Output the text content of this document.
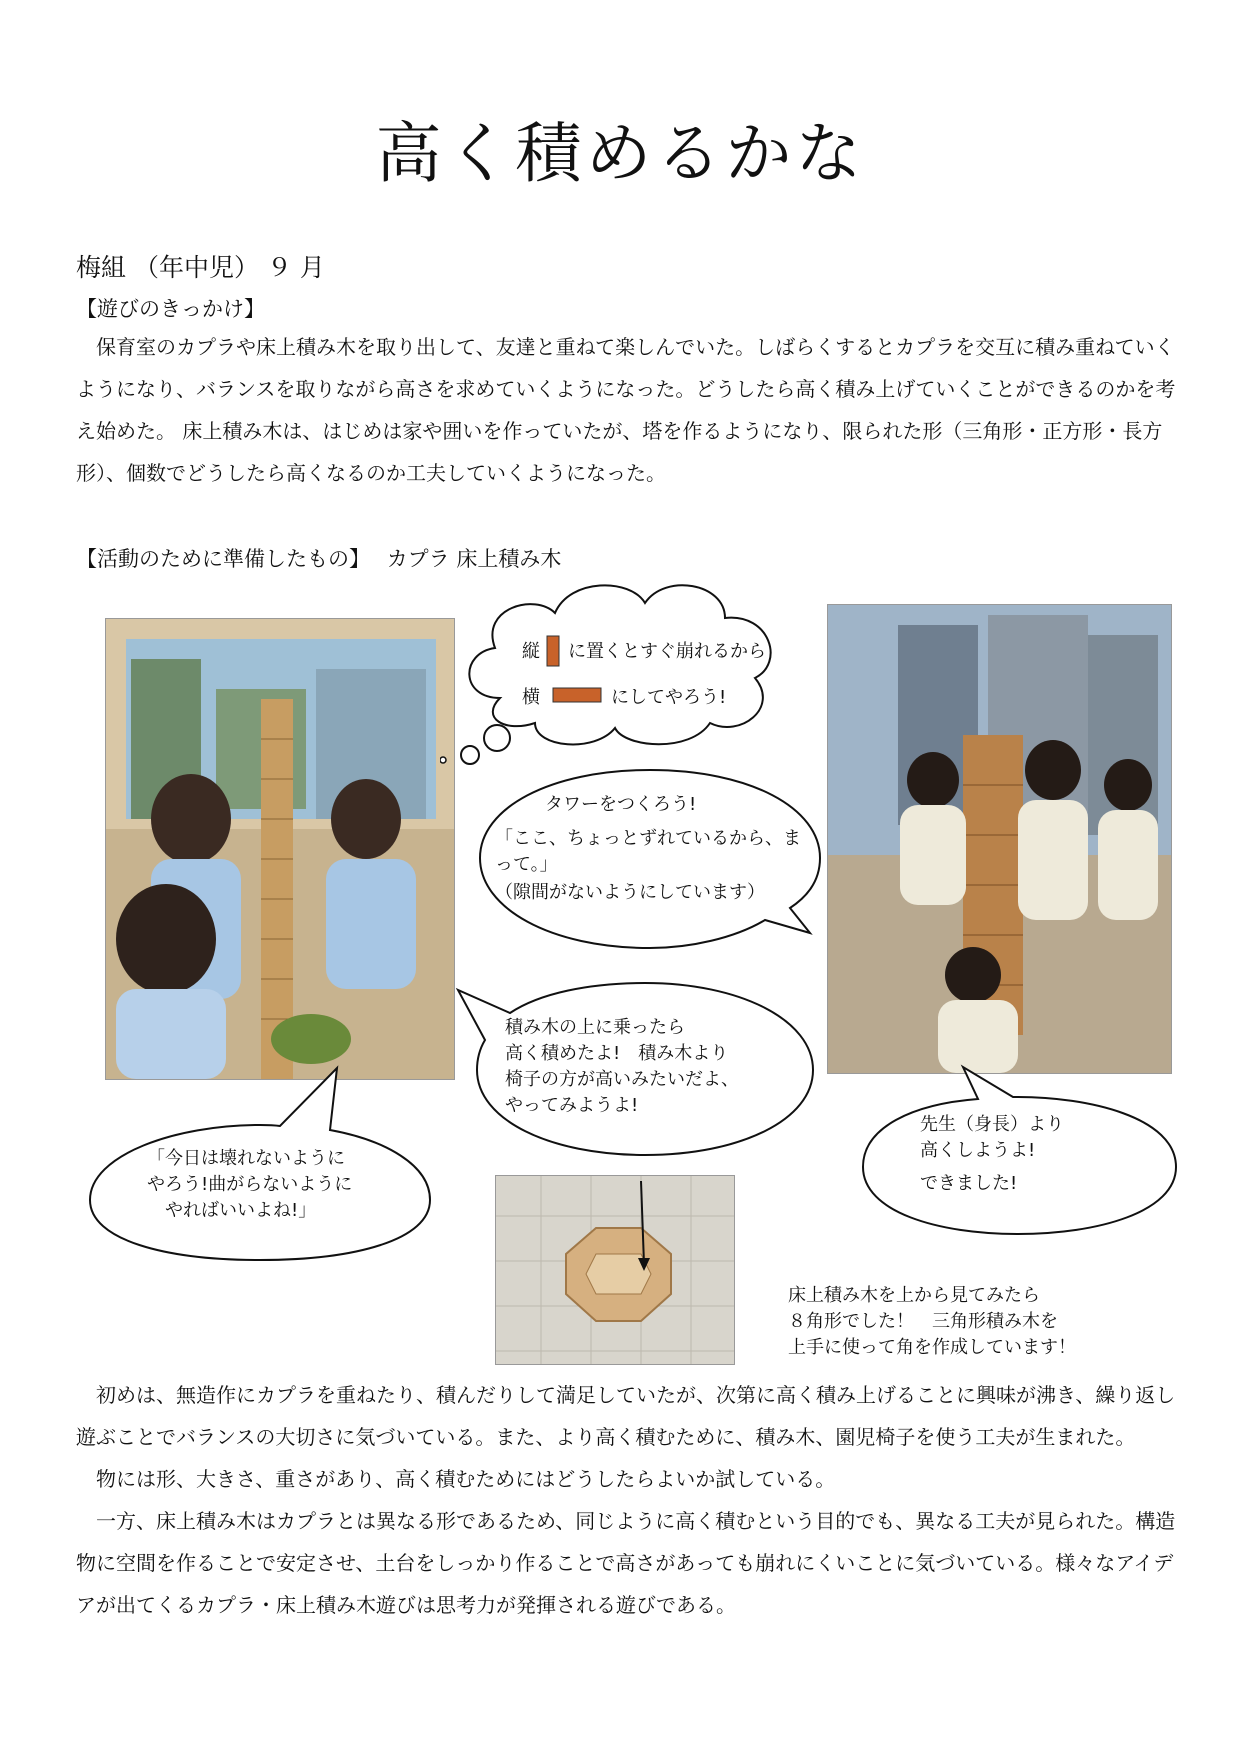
高く積めるかな
梅組 （年中児） ９ 月
【遊びのきっかけ】

保育室のカプラや床上積み木を取り出して、友達と重ねて楽しんでいた。しばらくするとカプラを交互に積み重ねていくようになり、バランスを取りながら高さを求めていくようになった。どうしたら高く積み上げていくことができるのかを考え始めた。 床上積み木は、はじめは家や囲いを作っていたが、塔を作るようになり、限られた形（三角形・正方形・長方形）、個数でどうしたら高くなるのか工夫していくようになった。

【活動のために準備したもの】 カプラ 床上積み木
縦 に置くとすぐ崩れるから
横	にしてやろう!
タワーをつくろう!
「ここ、ちょっとずれているから、ま
って。」
（隙間がないようにしています）
積み木の上に乗ったら
高く積めたよ!　積み木より
椅子の方が高いみたいだよ、
やってみようよ!
「今日は壊れないように
やろう!曲がらないように
やればいいよね!」
先生（身長）より
高くしようよ!
できました!
床上積み木を上から見てみたら
８角形でした！　三角形積み木を
上手に使って角を作成しています！

初めは、無造作にカプラを重ねたり、積んだりして満足していたが、次第に高く積み上げることに興味が沸き、繰り返し遊ぶことでバランスの大切さに気づいている。また、より高く積むために、積み木、園児椅子を使う工夫が生まれた。

物には形、大きさ、重さがあり、高く積むためにはどうしたらよいか試している。

一方、床上積み木はカプラとは異なる形であるため、同じように高く積むという目的でも、異なる工夫が見られた。構造物に空間を作ることで安定させ、土台をしっかり作ることで高さがあっても崩れにくいことに気づいている。様々なアイデアが出てくるカプラ・床上積み木遊びは思考力が発揮される遊びである。
